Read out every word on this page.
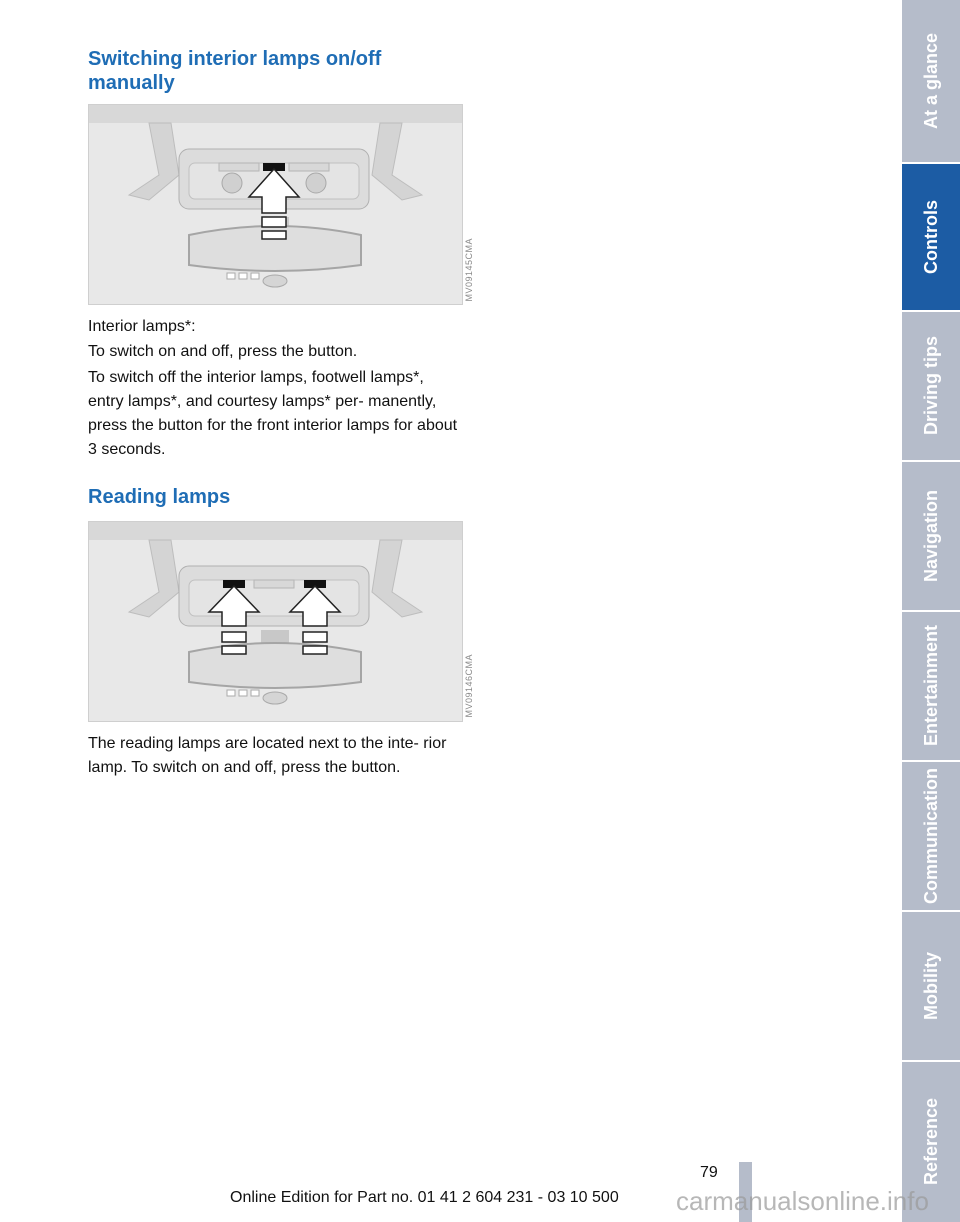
Switching interior lamps on/off manually
MV09145CMA

Interior lamps*:

To switch on and off, press the button.

To switch off the interior lamps, footwell lamps*, entry lamps*, and courtesy lamps* per- manently, press the button for the front interior lamps for about 3 seconds.

Reading lamps
MV09146CMA

The reading lamps are located next to the inte- rior lamp. To switch on and off, press the button.

At a glance
Controls
Driving tips
Navigation
Entertainment
Communication
Mobility
Reference
79
Online Edition for Part no. 01 41 2 604 231 - 03 10 500 carmanualsonline.info
